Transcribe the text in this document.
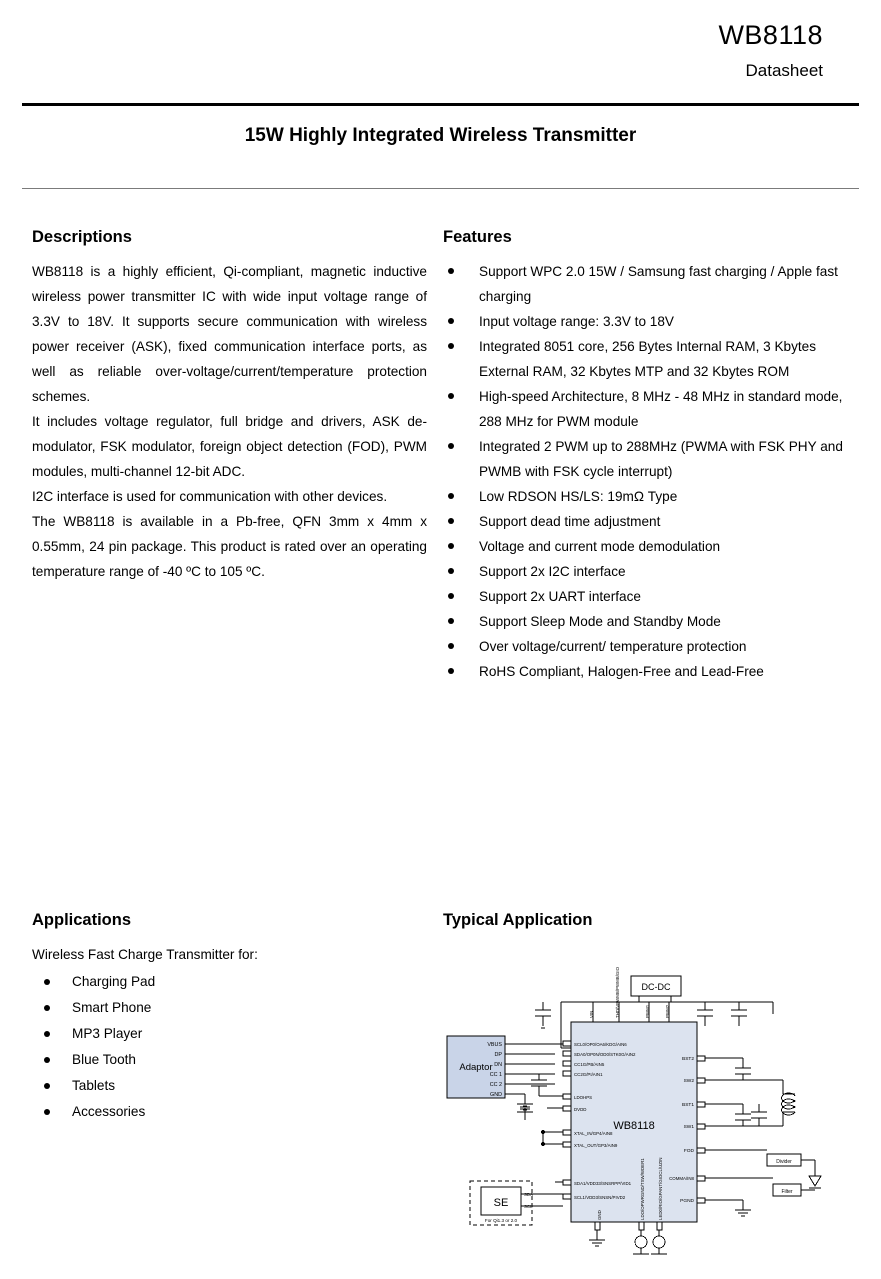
WB8118
Datasheet
15W Highly Integrated Wireless Transmitter
Descriptions

WB8118 is a highly efficient, Qi-compliant, magnetic inductive wireless power transmitter IC with wide input voltage range of 3.3V to 18V. It supports secure communication with wireless power receiver (ASK), fixed communication interface ports, as well as reliable over-voltage/current/temperature protection schemes.

It includes voltage regulator, full bridge and drivers, ASK de-modulator, FSK modulator, foreign object detection (FOD), PWM modules, multi-channel 12-bit ADC.

I2C interface is used for communication with other devices.

The WB8118 is available in a Pb-free, QFN 3mm x 4mm x 0.55mm, 24 pin package. This product is rated over an operating temperature range of -40 ºC to 105 ºC.

Features
Support WPC 2.0 15W / Samsung fast charging / Apple fast charging
Input voltage range: 3.3V to 18V
Integrated 8051 core, 256 Bytes Internal RAM, 3 Kbytes External RAM, 32 Kbytes MTP and 32 Kbytes ROM
High-speed Architecture, 8 MHz - 48 MHz in standard mode, 288 MHz for PWM module
Integrated 2 PWM up to 288MHz (PWMA with FSK PHY and PWMB with FSK cycle interrupt)
Low RDSON HS/LS: 19mΩ Type
Support dead time adjustment
Voltage and current mode demodulation
Support 2x I2C interface
Support 2x UART interface
Support Sleep Mode and Standby Mode
Over voltage/current/ temperature protection
RoHS Compliant, Halogen-Free and Lead-Free
Applications

Wireless Fast Charge Transmitter for:

Charging Pad
Smart Phone
MP3 Player
Blue Tooth
Tablets
Accessories
Typical Application
DC-DC
Adaptor
WB8118
SE
For Qi1.3 or 2.0
Divider
Filter
VBUS
DP
DN
CC 1
CC 2
GND
SCL0/OP0/OA6/KDG/AIN6
SDA0/OP0N/OD0/STK0G/AIN2
CC1G/PB/AIN5
CC2G/PI/AIN1
LDOHPS
DVDD
XTAL_IN/GP4/AIN8
XTAL_OUT/GP3/AIN9
SDA1/VDD33/SNSRPP/VID1
SCL1/VDD3/SNSN/PIVD2
VIN	THD/VPWMB/PWMB/GIO	PWM1	PWM2
BST2
SW2
BST1
SW1
FOD
COMMA/IN8
PGND
GND	LDO/OPWRGND/TSW/WDER1	LED0/RIO/GPANT/GIOCL/UZIN
SDA
SCL
